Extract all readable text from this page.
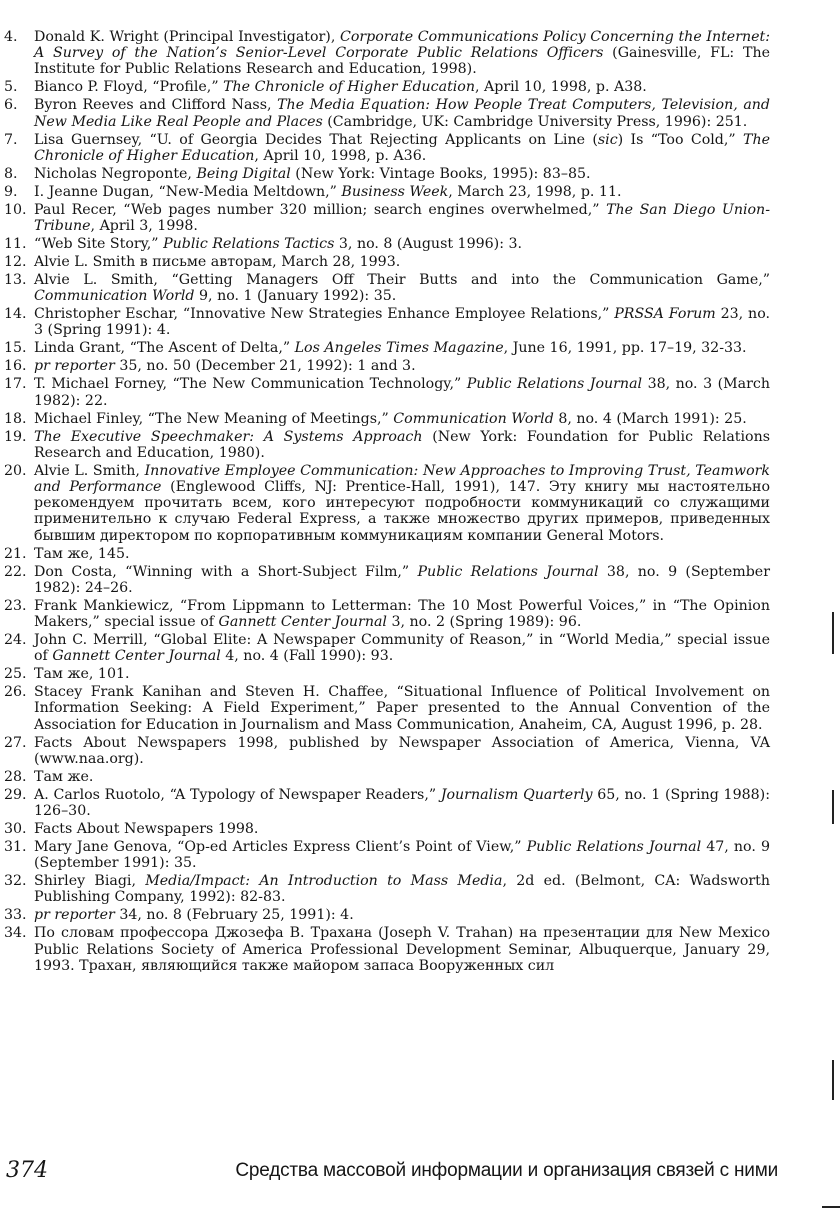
4.	Donald K. Wright (Principal Investigator), Corporate Communications Policy Concerning the Internet: A Survey of the Nation’s Senior-Level Corporate Public Relations Officers (Gainesville, FL: The Institute for Public Relations Research and Education, 1998).
5.	Bianco P. Floyd, “Profile,” The Chronicle of Higher Education, April 10, 1998, p. A38.
6.	Byron Reeves and Clifford Nass, The Media Equation: How People Treat Computers, Television, and New Media Like Real People and Places (Cambridge, UK: Cambridge University Press, 1996): 251.
7.	Lisa Guernsey, “U. of Georgia Decides That Rejecting Applicants on Line (sic) Is “Too Cold,” The Chronicle of Higher Education, April 10, 1998, p. A36.
8.	Nicholas Negroponte, Being Digital (New York: Vintage Books, 1995): 83–85.
9.	I. Jeanne Dugan, “New-Media Meltdown,” Business Week, March 23, 1998, p. 11.
10. Paul Recer, “Web pages number 320 million; search engines overwhelmed,” The San Diego Union-Tribune, April 3, 1998.
11. “Web Site Story,” Public Relations Tactics 3, no. 8 (August 1996): 3.
12. Alvie L. Smith в письме авторам, March 28, 1993.
13. Alvie L. Smith, “Getting Managers Off Their Butts and into the Communication Game,” Communication World 9, no. 1 (January 1992): 35.
14. Christopher Eschar, “Innovative New Strategies Enhance Employee Relations,” PRSSA Forum 23, no. 3 (Spring 1991): 4.
15. Linda Grant, “The Ascent of Delta,” Los Angeles Times Magazine, June 16, 1991, pp. 17–19, 32-33.
16. pr reporter 35, no. 50 (December 21, 1992): 1 and 3.
17. T. Michael Forney, “The New Communication Technology,” Public Relations Journal 38, no. 3 (March 1982): 22.
18. Michael Finley, “The New Meaning of Meetings,” Communication World 8, no. 4 (March 1991): 25.
19. The Executive Speechmaker: A Systems Approach (New York: Foundation for Public Relations Research and Education, 1980).
20. Alvie L. Smith, Innovative Employee Communication: New Approaches to Improving Trust, Teamwork and Performance (Englewood Cliffs, NJ: Prentice-Hall, 1991), 147. Эту книгу мы настоятельно рекомендуем прочитать всем, кого интересуют подробности коммуникаций со служащими применительно к случаю Federal Express, а также множество других примеров, приведенных бывшим директором по корпоративным коммуникациям компании General Motors.
21. Там же, 145.
22. Don Costa, “Winning with a Short-Subject Film,” Public Relations Journal 38, no. 9 (September 1982): 24–26.
23. Frank Mankiewicz, “From Lippmann to Letterman: The 10 Most Powerful Voices,” in “The Opinion Makers,” special issue of Gannett Center Journal 3, no. 2 (Spring 1989): 96.
24. John C. Merrill, “Global Elite: A Newspaper Community of Reason,” in “World Media,” special issue of Gannett Center Journal 4, no. 4 (Fall 1990): 93.
25. Там же, 101.
26. Stacey Frank Kanihan and Steven H. Chaffee, “Situational Influence of Political Involvement on Information Seeking: A Field Experiment,” Paper presented to the Annual Convention of the Association for Education in Journalism and Mass Communication, Anaheim, CA, August 1996, p. 28.
27. Facts About Newspapers 1998, published by Newspaper Association of America, Vienna, VA (www.naa.org).
28. Там же.
29. A. Carlos Ruotolo, “A Typology of Newspaper Readers,” Journalism Quarterly 65, no. 1 (Spring 1988): 126–30.
30. Facts About Newspapers 1998.
31. Mary Jane Genova, “Op-ed Articles Express Client’s Point of View,” Public Relations Journal 47, no. 9 (September 1991): 35.
32. Shirley Biagi, Media/Impact: An Introduction to Mass Media, 2d ed. (Belmont, CA: Wadsworth Publishing Company, 1992): 82-83.
33. pr reporter 34, no. 8 (February 25, 1991): 4.
34. По словам профессора Джозефа В. Трахана (Joseph V. Trahan) на презентации для New Mexico Public Relations Society of America Professional Development Seminar, Albuquerque, January 29, 1993. Трахан, являющийся также майором запаса Вооруженных сил
374	Средства массовой информации и организация связей с ними
